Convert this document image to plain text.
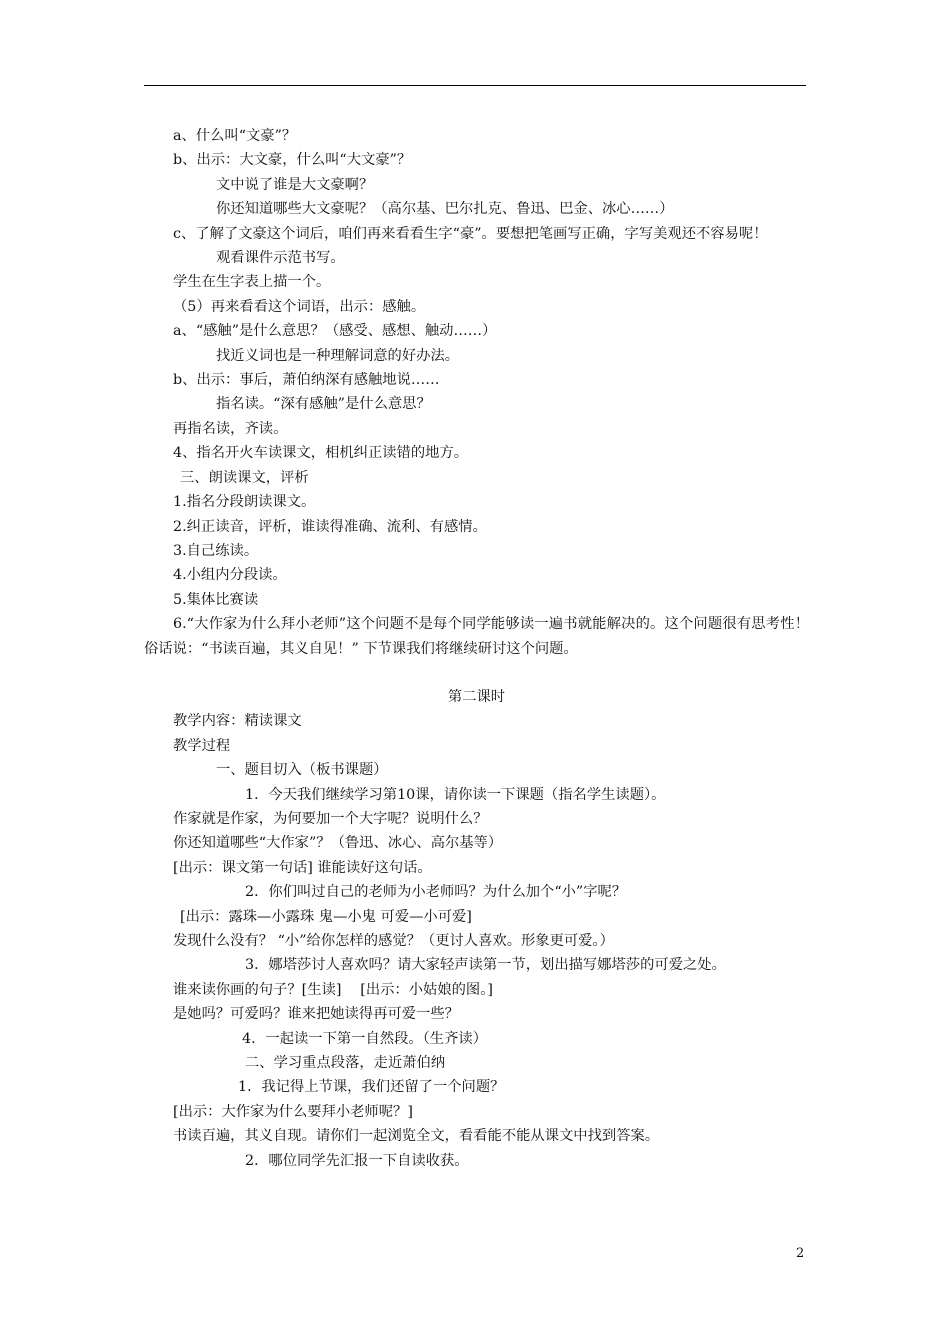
a、什么叫“文豪”？
b、出示：大文豪，什么叫“大文豪”？
文中说了谁是大文豪啊？
你还知道哪些大文豪呢？（高尔基、巴尔扎克、鲁迅、巴金、冰心……）
c、了解了文豪这个词后，咱们再来看看生字“豪”。要想把笔画写正确，字写美观还不容易呢！
观看课件示范书写。
学生在生字表上描一个。
（5）再来看看这个词语，出示：感触。
a、“感触”是什么意思？（感受、感想、触动……）
找近义词也是一种理解词意的好办法。
b、出示：事后，萧伯纳深有感触地说……
指名读。“深有感触”是什么意思？
再指名读，齐读。
4、指名开火车读课文，相机纠正读错的地方。
三、朗读课文，评析
1.指名分段朗读课文。
2.纠正读音，评析，谁读得准确、流利、有感情。
3.自己练读。
4.小组内分段读。
5.集体比赛读
6.“大作家为什么拜小老师”这个问题不是每个同学能够读一遍书就能解决的。这个问题很有思考性！俗话说：“书读百遍，其义自见！” 下节课我们将继续研讨这个问题。
第二课时
教学内容：精读课文
教学过程
一、题目切入（板书课题）
1．今天我们继续学习第10课，请你读一下课题（指名学生读题）。
作家就是作家，为何要加一个大字呢？说明什么？
你还知道哪些“大作家”？（鲁迅、冰心、高尔基等）
[出示：课文第一句话] 谁能读好这句话。
2．你们叫过自己的老师为小老师吗？为什么加个“小”字呢？
[出示：露珠—小露珠 鬼—小鬼 可爱—小可爱]
发现什么没有？ “小”给你怎样的感觉？（更讨人喜欢。形象更可爱。）
3．娜塔莎讨人喜欢吗？请大家轻声读第一节，划出描写娜塔莎的可爱之处。
谁来读你画的句子？[生读]　 [出示：小姑娘的图。]
是她吗？可爱吗？谁来把她读得再可爱一些？
4．一起读一下第一自然段。（生齐读）
二、学习重点段落，走近萧伯纳
1．我记得上节课，我们还留了一个问题？
[出示：大作家为什么要拜小老师呢？]
书读百遍，其义自现。请你们一起浏览全文，看看能不能从课文中找到答案。
2．哪位同学先汇报一下自读收获。
2
